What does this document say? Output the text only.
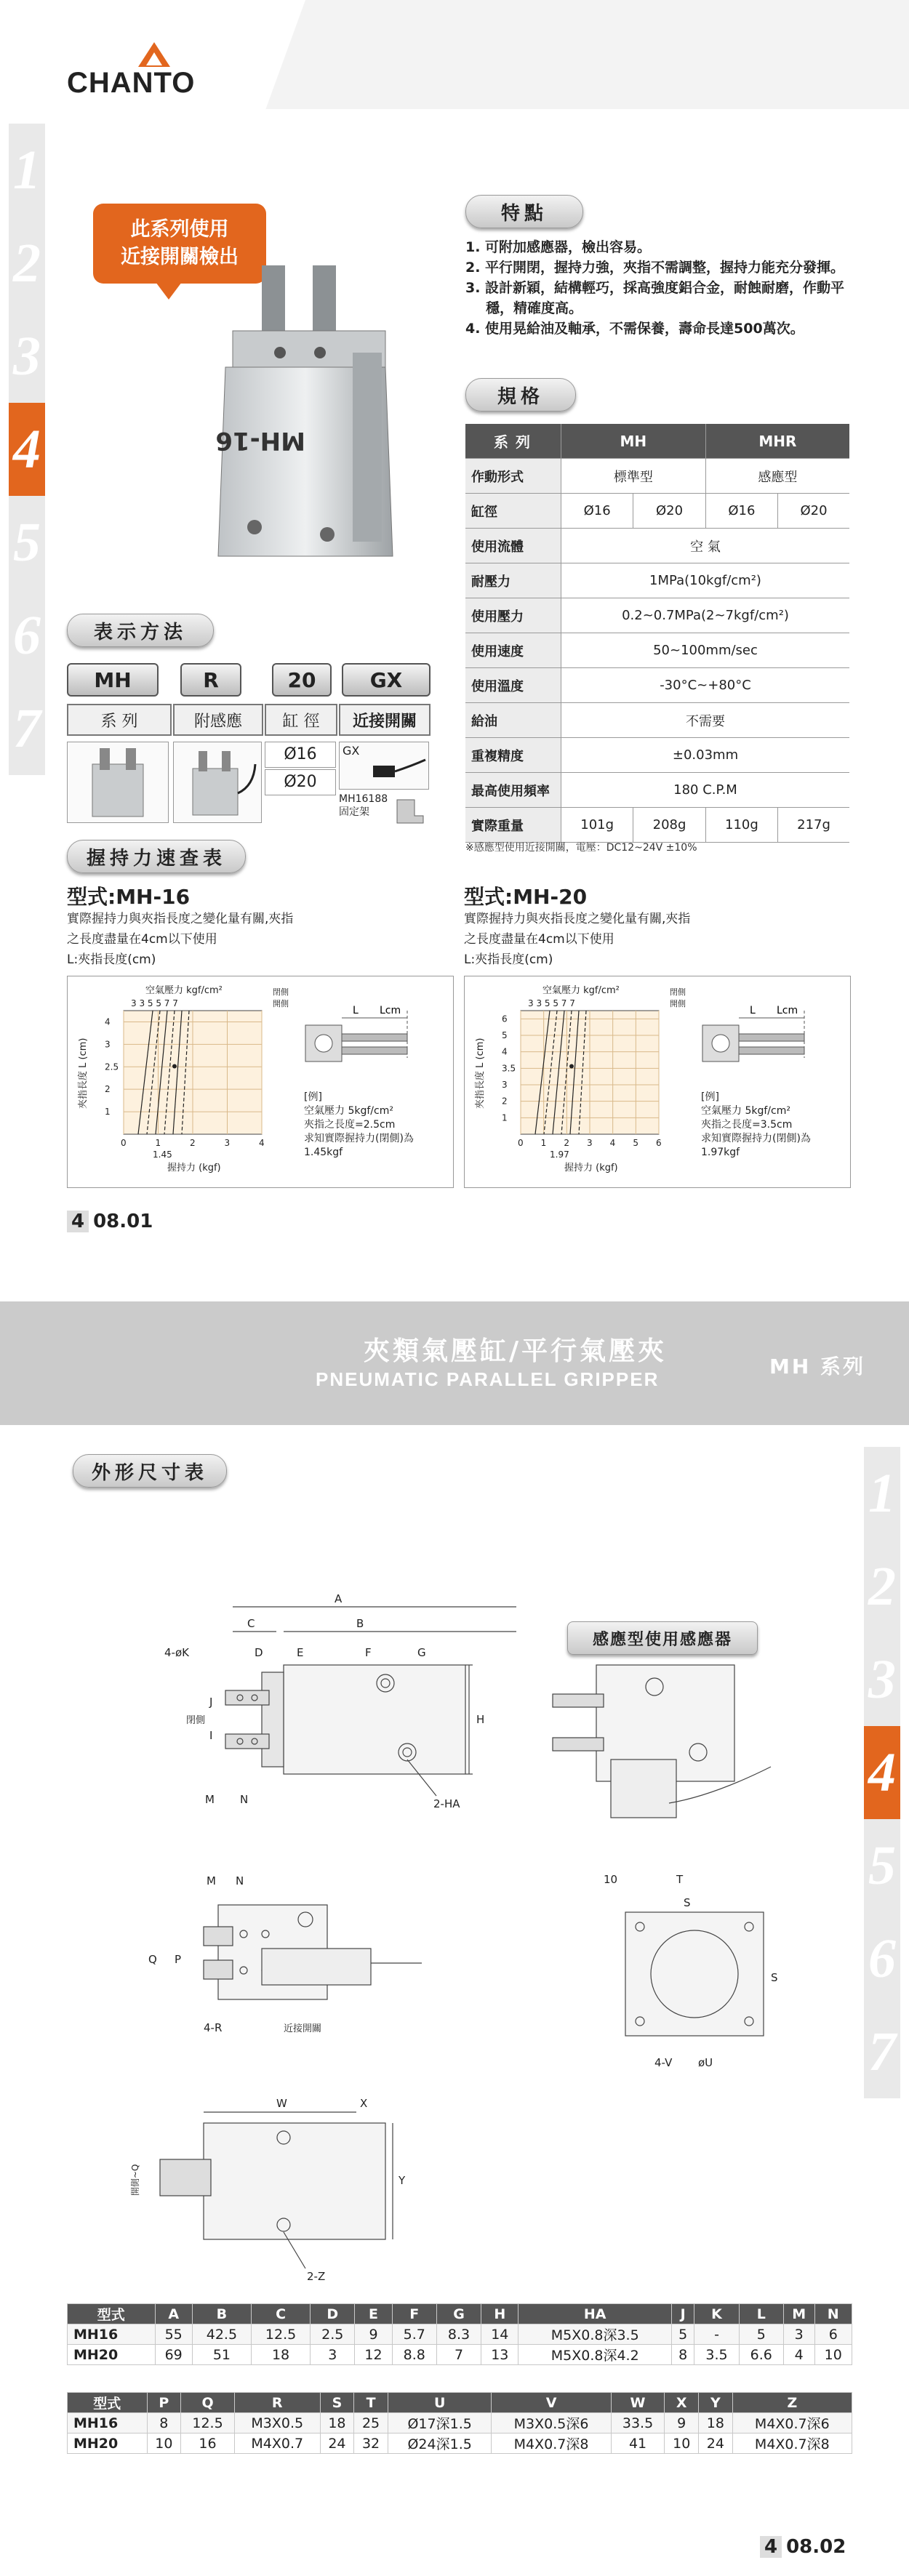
CHANTO
1
2
3
4
5
6
7
此系列使用
近接開關檢出
MH-16
特點
1. 可附加感應器，檢出容易。
2. 平行開閉，握持力強，夾指不需調整，握持力能充分發揮。
3. 設計新穎，結構輕巧，採高強度鋁合金，耐蝕耐磨，作動平穩，精確度高。
4. 使用晃給油及軸承，不需保養，壽命長達500萬次。
規格
系列	MH		MHR	
作動形式	標準型		感應型	
缸徑	Ø16	Ø20	Ø16	Ø20
使用流體	空 氣			
耐壓力	1MPa(10kgf/cm²)			
使用壓力	0.2~0.7MPa(2~7kgf/cm²)			
使用速度	50~100mm/sec			
使用溫度	-30°C~+80°C			
給油	不需要			
重複精度	±0.03mm			
最高使用頻率	180 C.P.M			
實際重量	101g	208g	110g	217g
※感應型使用近接開關，電壓：DC12~24V ±10%
表示方法
MH	R	20	GX
系 列	附感應	缸 徑	近接開關
Ø16
Ø20
GX
MH16188
固定架
握持力速查表
型式:MH-16
實際握持力與夾指長度之變化量有關,夾指
之長度盡量在4cm以下使用
L:夾指長度(cm)
0	1	2	3	4
1
2
2.5
3
4
3 3 5 5 7 7
空氣壓力 kgf/cm²
夾指長度 L (cm)
握持力 (kgf)
1.45
閉側
開側
L Lcm
[例]
空氣壓力 5kgf/cm²
夾指之長度=2.5cm
求知實際握持力(閉側)為
1.45kgf
型式:MH-20
實際握持力與夾指長度之變化量有關,夾指
之長度盡量在4cm以下使用
L:夾指長度(cm)
0 1 2 3 4 5 6
1
2
3
3.5
4
5
6
3 3 5 5 7 7
空氣壓力 kgf/cm²
夾指長度 L (cm)
握持力 (kgf)
1.97
閉側
開側
L Lcm
[例]
空氣壓力 5kgf/cm²
夾指之長度=3.5cm
求知實際握持力(閉側)為
1.97kgf
4 08.01
夾類氣壓缸/平行氣壓夾
PNEUMATIC PARALLEL GRIPPER
MH 系列
1
2
3
4
5
6
7
外形尺寸表
感應型使用感應器
A
B
C
D	E	F	G
4-øK
H
J
I
閉側
M N	2-HA
M N
Q P
4-R	近接開關
W	X
Y
開側~Q
2-Z
10	T
S
S
4-V øU
型式	A	B	C	D	E	F	G	H	HA	J	K	L	M	N
MH16	55	42.5	12.5	2.5	9	5.7	8.3	14	M5X0.8深3.5	5	-	5	3	6
MH20	69	51	18	3	12	8.8	7	13	M5X0.8深4.2	8	3.5	6.6	4	10
型式	P	Q	R	S	T	U	V	W	X	Y	Z
MH16	8	12.5	M3X0.5	18	25	Ø17深1.5	M3X0.5深6	33.5	9	18	M4X0.7深6
MH20	10	16	M4X0.7	24	32	Ø24深1.5	M4X0.7深8	41	10	24	M4X0.7深8
4 08.02
